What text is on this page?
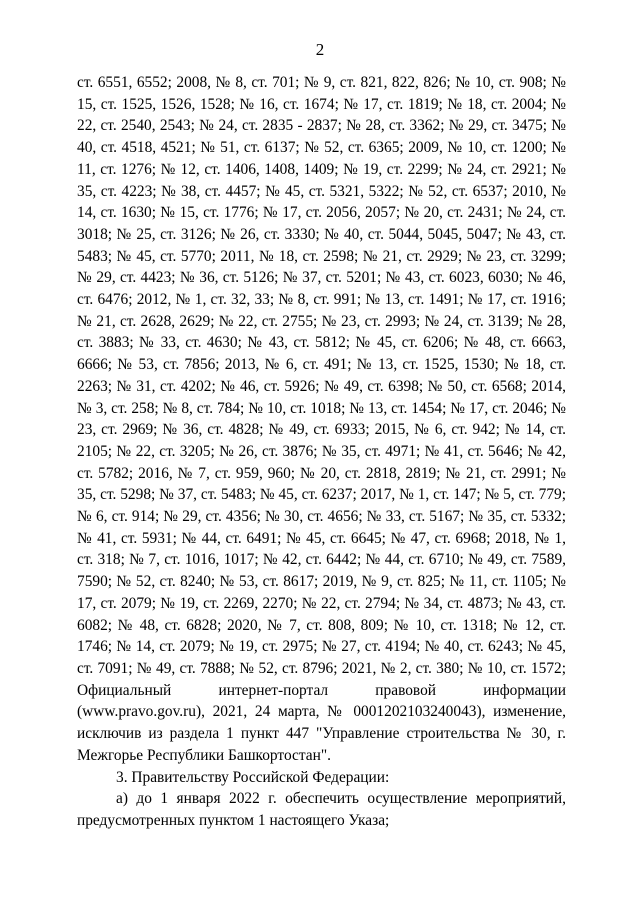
2

ст. 6551, 6552; 2008, № 8, ст. 701; № 9, ст. 821, 822, 826; № 10, ст. 908; № 15, ст. 1525, 1526, 1528; № 16, ст. 1674; № 17, ст. 1819; № 18, ст. 2004; № 22, ст. 2540, 2543; № 24, ст. 2835 - 2837; № 28, ст. 3362; № 29, ст. 3475; № 40, ст. 4518, 4521; № 51, ст. 6137; № 52, ст. 6365; 2009, № 10, ст. 1200; № 11, ст. 1276; № 12, ст. 1406, 1408, 1409; № 19, ст. 2299; № 24, ст. 2921; № 35, ст. 4223; № 38, ст. 4457; № 45, ст. 5321, 5322; № 52, ст. 6537; 2010, № 14, ст. 1630; № 15, ст. 1776; № 17, ст. 2056, 2057; № 20, ст. 2431; № 24, ст. 3018; № 25, ст. 3126; № 26, ст. 3330; № 40, ст. 5044, 5045, 5047; № 43, ст. 5483; № 45, ст. 5770; 2011, № 18, ст. 2598; № 21, ст. 2929; № 23, ст. 3299; № 29, ст. 4423; № 36, ст. 5126; № 37, ст. 5201; № 43, ст. 6023, 6030; № 46, ст. 6476; 2012, № 1, ст. 32, 33; № 8, ст. 991; № 13, ст. 1491; № 17, ст. 1916; № 21, ст. 2628, 2629; № 22, ст. 2755; № 23, ст. 2993; № 24, ст. 3139; № 28, ст. 3883; № 33, ст. 4630; № 43, ст. 5812; № 45, ст. 6206; № 48, ст. 6663, 6666; № 53, ст. 7856; 2013, № 6, ст. 491; № 13, ст. 1525, 1530; № 18, ст. 2263; № 31, ст. 4202; № 46, ст. 5926; № 49, ст. 6398; № 50, ст. 6568; 2014, № 3, ст. 258; № 8, ст. 784; № 10, ст. 1018; № 13, ст. 1454; № 17, ст. 2046; № 23, ст. 2969; № 36, ст. 4828; № 49, ст. 6933; 2015, № 6, ст. 942; № 14, ст. 2105; № 22, ст. 3205; № 26, ст. 3876; № 35, ст. 4971; № 41, ст. 5646; № 42, ст. 5782; 2016, № 7, ст. 959, 960; № 20, ст. 2818, 2819; № 21, ст. 2991; № 35, ст. 5298; № 37, ст. 5483; № 45, ст. 6237; 2017, № 1, ст. 147; № 5, ст. 779; № 6, ст. 914; № 29, ст. 4356; № 30, ст. 4656; № 33, ст. 5167; № 35, ст. 5332; № 41, ст. 5931; № 44, ст. 6491; № 45, ст. 6645; № 47, ст. 6968; 2018, № 1, ст. 318; № 7, ст. 1016, 1017; № 42, ст. 6442; № 44, ст. 6710; № 49, ст. 7589, 7590; № 52, ст. 8240; № 53, ст. 8617; 2019, № 9, ст. 825; № 11, ст. 1105; № 17, ст. 2079; № 19, ст. 2269, 2270; № 22, ст. 2794; № 34, ст. 4873; № 43, ст. 6082; № 48, ст. 6828; 2020, № 7, ст. 808, 809; № 10, ст. 1318; № 12, ст. 1746; № 14, ст. 2079; № 19, ст. 2975; № 27, ст. 4194; № 40, ст. 6243; № 45, ст. 7091; № 49, ст. 7888; № 52, ст. 8796; 2021, № 2, ст. 380; № 10, ст. 1572; Официальный интернет-портал правовой информации (www.pravo.gov.ru), 2021, 24 марта, № 0001202103240043), изменение, исключив из раздела 1 пункт 447 "Управление строительства № 30, г. Межгорье Республики Башкортостан".

3. Правительству Российской Федерации:

а) до 1 января 2022 г. обеспечить осуществление мероприятий, предусмотренных пунктом 1 настоящего Указа;
